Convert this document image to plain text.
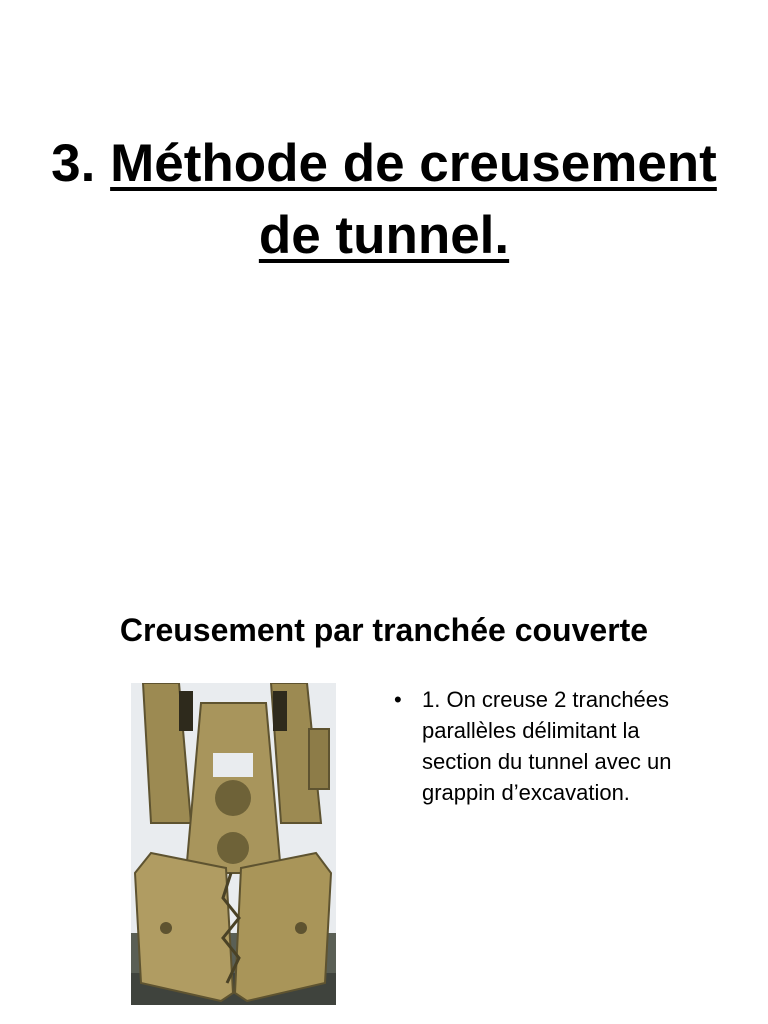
3. Méthode de creusement de tunnel.
Creusement par tranchée couverte
• 1. On creuse 2 tranchées parallèles délimitant la section du tunnel avec un grappin d’excavation.
